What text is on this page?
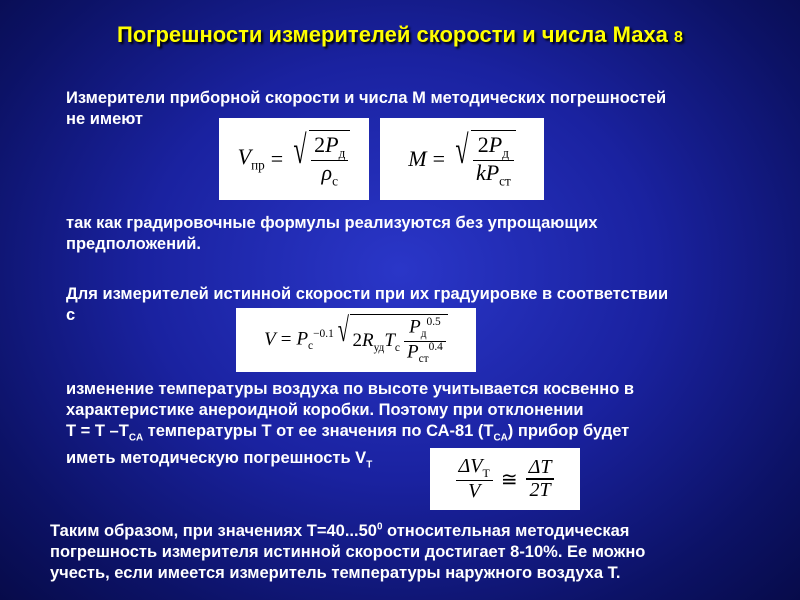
Погрешности измерителей скорости и числа Маха 8

Измерители приборной скорости и числа М методических погрешностей
не имеют

$V_{пр}$ = √ $\frac{2P_д}{\rho_с}$	M = √ $\frac{2P_д}{kP_{ст}}$

так как градировочные формулы реализуются без упрощающих
предположений.

Для измерителей истинной скорости при их градуировке в соответствии
с

$V = P_с^{-0.1}$ √ $2R_{уд}T_с \frac{P_д^{0.5}}{P_{ст}^{0.4}}$

изменение температуры воздуха по высоте учитывается косвенно в
характеристике анероидной коробки. Поэтому при отклонении
T = T $-T_{CA}$ температуры T от ее значения по СА-81 $(T_{CA})$ прибор будет
иметь методическую погрешность $V_T$	$\frac{\Delta V_T}{V}$ ≅ $\frac{\Delta T}{2T}$

Таким образом, при значениях $T=40...50^0$ относительная методическая
погрешность измерителя истинной скорости достигает 8-10%. Ее можно
учесть, если имеется измеритель температуры наружного воздуха T.
